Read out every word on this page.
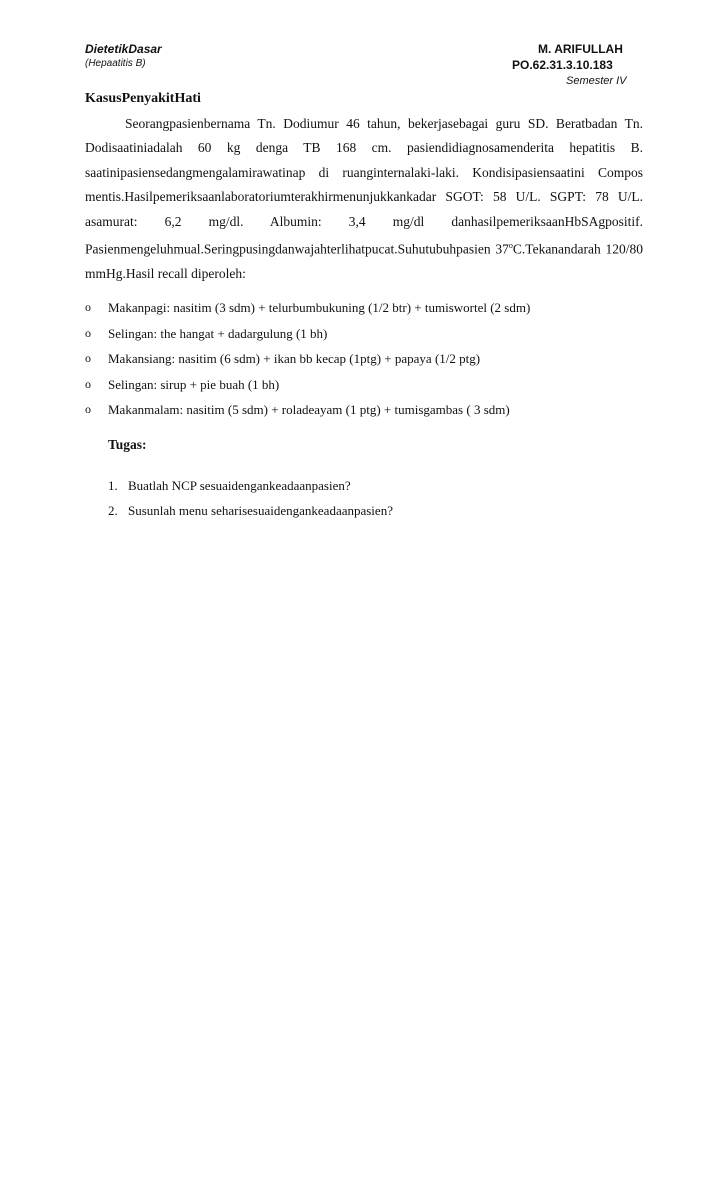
DietetikDasar
(Hepaatitis B)
M. ARIFULLAH
PO.62.31.3.10.183
Semester IV
KasusPenyakitHati
Seorangpasienbernama Tn. Dodiumur 46 tahun, bekerjasebagai guru SD. Beratbadan Tn. Dodisaatiniadalah 60 kg denga TB 168 cm. pasiendidiagnosamenderita hepatitis B. saatinipasiensedangmengalamirawatinap di ruanginternalaki-laki. Kondisipasiensaatini Compos mentis.Hasilpemeriksaanlaboratoriumterakhirmenunjukkankadar SGOT: 58 U/L. SGPT: 78 U/L. asamurat: 6,2 mg/dl. Albumin: 3,4 mg/dl danhasilpemeriksaanHbSAgpositif. Pasienmengeluhmual.Seringpusingdanwajahterlihatpucat.Suhutubuhpasien 37$^o$C.Tekanandarah 120/80 mmHg.Hasil recall diperoleh:
o Makanpagi: nasitim (3 sdm) + telurbumbukuning (1/2 btr) + tumiswortel (2 sdm)
o Selingan: the hangat + dadargulung (1 bh)
o Makansiang: nasitim (6 sdm) + ikan bb kecap (1ptg) + papaya (1/2 ptg)
o Selingan: sirup + pie buah (1 bh)
o Makanmalam: nasitim (5 sdm) + roladeayam (1 ptg) + tumisgambas ( 3 sdm)
Tugas:
1. Buatlah NCP sesuaidengankeadaanpasien?
2. Susunlah menu seharisesuaidengankeadaanpasien?
